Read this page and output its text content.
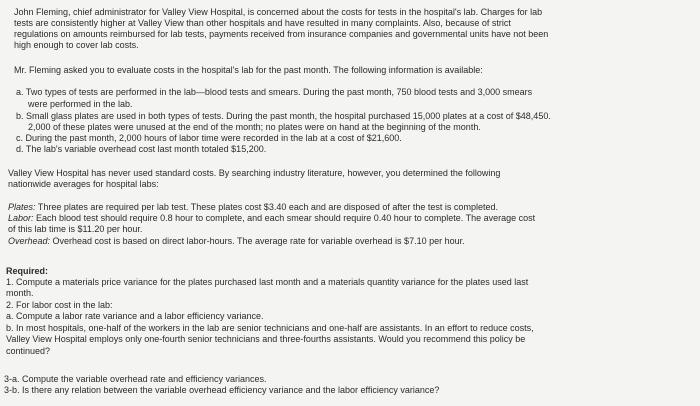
John Fleming, chief administrator for Valley View Hospital, is concerned about the costs for tests in the hospital's lab. Charges for lab
tests are consistently higher at Valley View than other hospitals and have resulted in many complaints. Also, because of strict
regulations on amounts reimbursed for lab tests, payments received from insurance companies and governmental units have not been
high enough to cover lab costs.
Mr. Fleming asked you to evaluate costs in the hospital's lab for the past month. The following information is available:
a. Two types of tests are performed in the lab—blood tests and smears. During the past month, 750 blood tests and 3,000 smears
were performed in the lab.
b. Small glass plates are used in both types of tests. During the past month, the hospital purchased 15,000 plates at a cost of $48,450.
2,000 of these plates were unused at the end of the month; no plates were on hand at the beginning of the month.
c. During the past month, 2,000 hours of labor time were recorded in the lab at a cost of $21,600.
d. The lab's variable overhead cost last month totaled $15,200.
Valley View Hospital has never used standard costs. By searching industry literature, however, you determined the following
nationwide averages for hospital labs:
Plates: Three plates are required per lab test. These plates cost $3.40 each and are disposed of after the test is completed.
Labor: Each blood test should require 0.8 hour to complete, and each smear should require 0.40 hour to complete. The average cost
of this lab time is $11.20 per hour.
Overhead: Overhead cost is based on direct labor-hours. The average rate for variable overhead is $7.10 per hour.
Required:
1. Compute a materials price variance for the plates purchased last month and a materials quantity variance for the plates used last
month.
2. For labor cost in the lab:
a. Compute a labor rate variance and a labor efficiency variance.
b. In most hospitals, one-half of the workers in the lab are senior technicians and one-half are assistants. In an effort to reduce costs,
Valley View Hospital employs only one-fourth senior technicians and three-fourths assistants. Would you recommend this policy be
continued?
3-a. Compute the variable overhead rate and efficiency variances.
3-b. Is there any relation between the variable overhead efficiency variance and the labor efficiency variance?
